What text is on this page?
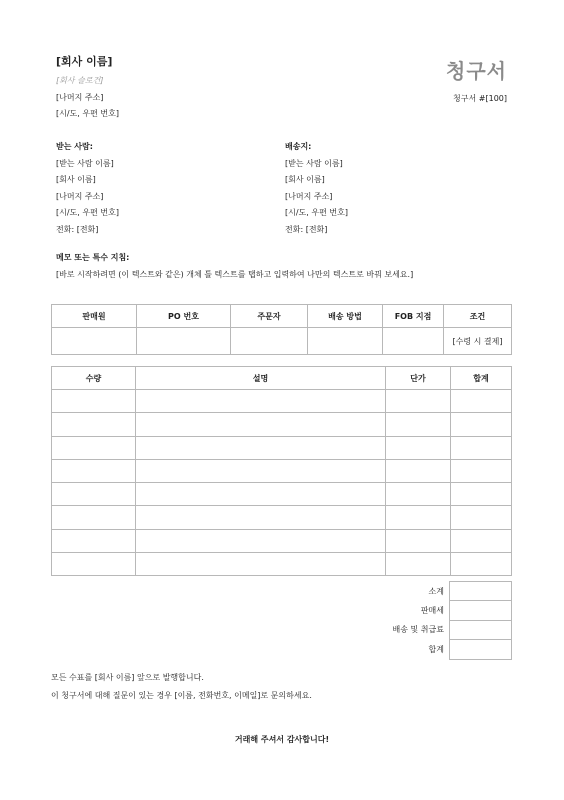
[회사 이름]
[회사 슬로건]
[나머지 주소]
[시/도, 우편 번호]
청구서
청구서 #[100]
받는 사람:
[받는 사람 이름]
[회사 이름]
[나머지 주소]
[시/도, 우편 번호]
전화: [전화]
배송지:
[받는 사람 이름]
[회사 이름]
[나머지 주소]
[시/도, 우편 번호]
전화: [전화]
메모 또는 특수 지침:
[바로 시작하려면 (이 텍스트와 같은) 개체 틀 텍스트를 탭하고 입력하여 나만의 텍스트로 바꿔 보세요.]
판매원	PO 번호	주문자	배송 방법	FOB 지점	조건
					[수령 시 결제]
수량	설명	단가	합계

소계	
판매세	
배송 및 취급료	
합계	
모든 수표를 [회사 이름] 앞으로 발행합니다.
이 청구서에 대해 질문이 있는 경우 [이름, 전화번호, 이메일]로 문의하세요.
거래해 주셔서 감사합니다!
